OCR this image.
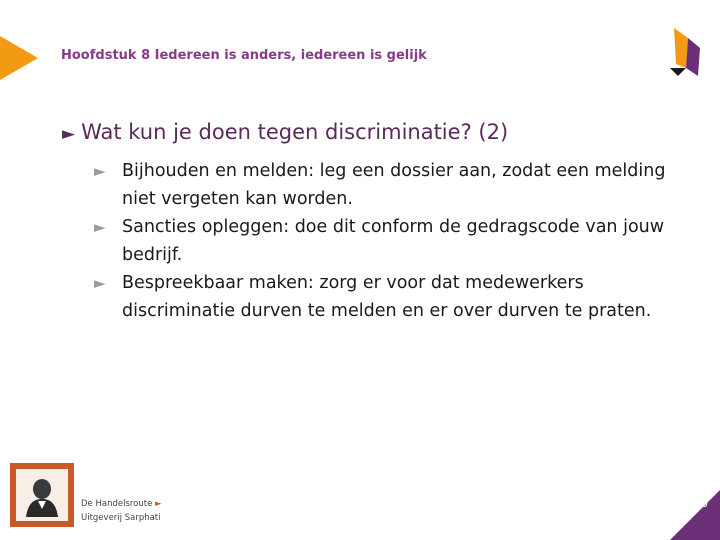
Hoofdstuk 8 Iedereen is anders, iedereen is gelijk
► Wat kun je doen tegen discriminatie? (2)
► Bijhouden en melden: leg een dossier aan, zodat een melding niet vergeten kan worden.
► Sancties opleggen: doe dit conform de gedragscode van jouw bedrijf.
► Bespreekbaar maken: zorg er voor dat medewerkers discriminatie durven te melden en er over durven te praten.
De Handelsroute ►
Uitgeverij Sarphati
6
